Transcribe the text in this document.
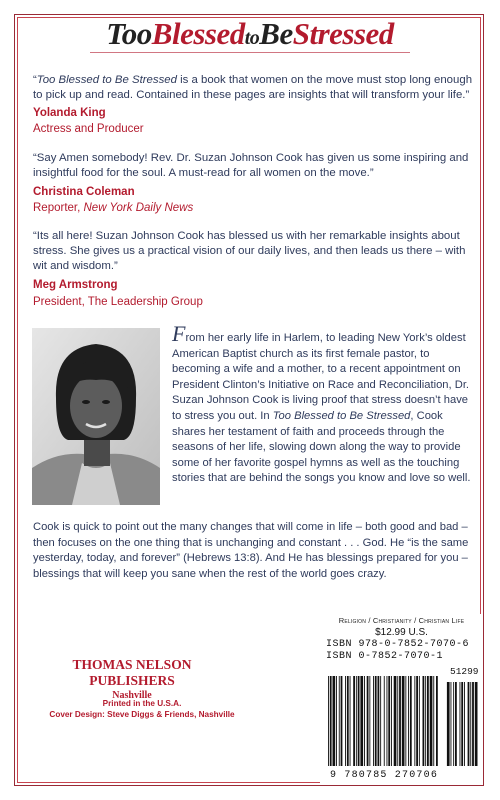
TooBlessedtoBeStressed
“Too Blessed to Be Stressed is a book that women on the move must stop long enough to pick up and read. Contained in these pages are insights that will transform your life.”
Yolanda King
Actress and Producer
“Say Amen somebody! Rev. Dr. Suzan Johnson Cook has given us some inspiring and insightful food for the soul. A must-read for all women on the move.”
Christina Coleman
Reporter, New York Daily News
“Its all here! Suzan Johnson Cook has blessed us with her remarkable insights about stress. She gives us a practical vision of our daily lives, and then leads us there – with wit and wisdom.”
Meg Armstrong
President, The Leadership Group
From her early life in Harlem, to leading New York’s oldest American Baptist church as its first female pastor, to becoming a wife and a mother, to a recent appointment on President Clinton’s Initiative on Race and Reconciliation, Dr. Suzan Johnson Cook is living proof that stress doesn’t have to stress you out. In Too Blessed to Be Stressed, Cook shares her testament of faith and proceeds through the seasons of her life, slowing down along the way to provide some of her favorite gospel hymns as well as the touching stories that are behind the songs you know and love so well.
Cook is quick to point out the many changes that will come in life – both good and bad – then focuses on the one thing that is unchanging and constant . . . God. He “is the same yesterday, today, and forever” (Hebrews 13:8). And He has blessings prepared for you – blessings that will keep you sane when the rest of the world goes crazy.
THOMAS NELSON PUBLISHERS
Nashville
Printed in the U.S.A.
Cover Design: Steve Diggs & Friends, Nashville
Religion / Christianity / Christian Life
$12.99 U.S.
ISBN 978-0-7852-7070-6
ISBN 0-7852-7070-1
51299
9 780785 270706
